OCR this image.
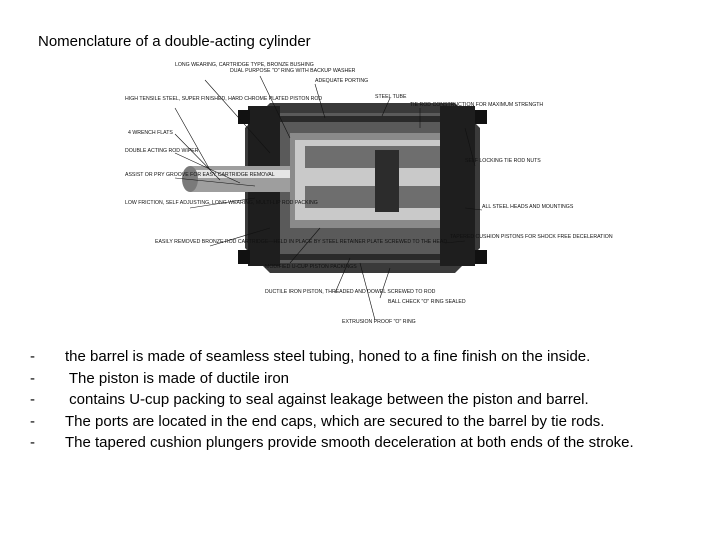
Nomenclature of a double-acting cylinder
LONG WEARING, CARTRIDGE TYPE, BRONZE BUSHING
DUAL PURPOSE "O" RING WITH BACKUP WASHER
ADEQUATE PORTING
STEEL TUBE
TIE ROD CONSTRUCTION FOR MAXIMUM STRENGTH
HIGH TENSILE STEEL, SUPER FINISHED, HARD CHROME PLATED PISTON ROD
4 WRENCH FLATS
DOUBLE ACTING ROD WIPER
ASSIST OR PRY GROOVE FOR EASY CARTRIDGE REMOVAL
SELF LOCKING TIE ROD NUTS
LOW FRICTION, SELF ADJUSTING, LONG WEARING, MULTI-LIP ROD PACKING
ALL STEEL HEADS AND MOUNTINGS
EASILY REMOVED BRONZE ROD CARTRIDGE—HELD IN PLACE BY STEEL RETAINER PLATE SCREWED TO THE HEAD
MODIFIED U-CUP PISTON PACKINGS
TAPERED CUSHION PISTONS FOR SHOCK FREE DECELERATION
DUCTILE IRON PISTON, THREADED AND DOWEL SCREWED TO ROD
BALL CHECK "O" RING SEALED
EXTRUSION PROOF "O" RING
-	the barrel is made of seamless steel tubing, honed to a fine finish on the inside.
-	The piston is made of ductile iron
-	contains U-cup packing to seal against leakage between the piston and barrel.
-	The ports are located in the end caps, which are secured to the barrel by tie rods.
-	The tapered cushion plungers provide smooth deceleration at both ends of the stroke.
